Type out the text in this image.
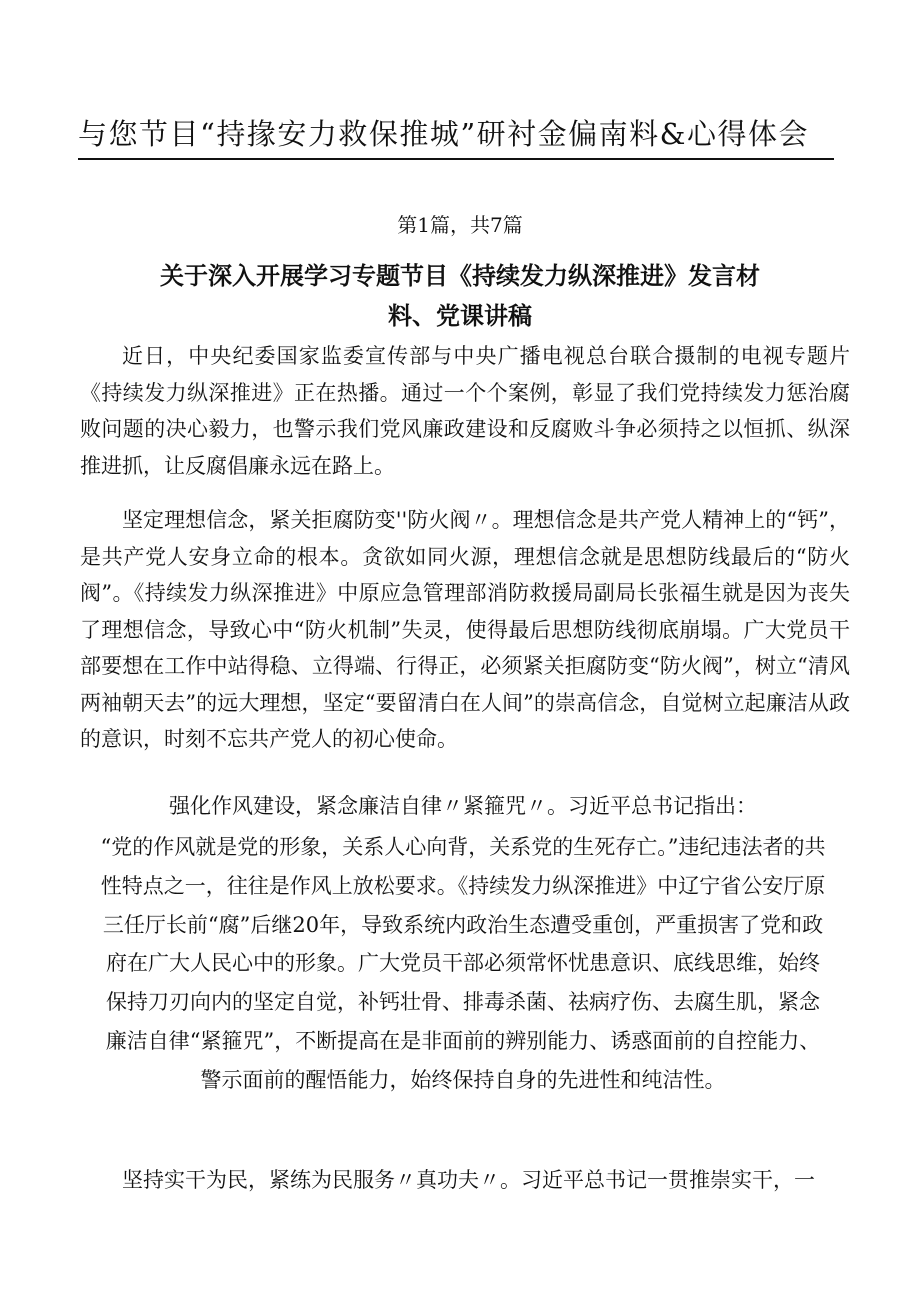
与您节目“持掾安力救保推城”研衬金偏南料&心得体会
第1篇，共7篇
关于深入开展学习专题节目《持续发力纵深推进》发言材料、党课讲稿

近日，中央纪委国家监委宣传部与中央广播电视总台联合摄制的电视专题片《持续发力纵深推进》正在热播。通过一个个案例，彰显了我们党持续发力惩治腐败问题的决心毅力，也警示我们党风廉政建设和反腐败斗争必须持之以恒抓、纵深推进抓，让反腐倡廉永远在路上。

坚定理想信念，紧关拒腐防变''防火阀〃。理想信念是共产党人精神上的“钙”，是共产党人安身立命的根本。贪欲如同火源，理想信念就是思想防线最后的“防火阀”。《持续发力纵深推进》中原应急管理部消防救援局副局长张福生就是因为丧失了理想信念，导致心中“防火机制”失灵，使得最后思想防线彻底崩塌。广大党员干部要想在工作中站得稳、立得端、行得正，必须紧关拒腐防变“防火阀”，树立“清风两袖朝天去”的远大理想，坚定“要留清白在人间”的崇高信念，自觉树立起廉洁从政的意识，时刻不忘共产党人的初心使命。

强化作风建设，紧念廉洁自律〃紧箍咒〃。习近平总书记指出：

“党的作风就是党的形象，关系人心向背，关系党的生死存亡。”违纪违法者的共性特点之一，往往是作风上放松要求。《持续发力纵深推进》中辽宁省公安厅原三任厅长前“腐”后继20年，导致系统内政治生态遭受重创，严重损害了党和政府在广大人民心中的形象。广大党员干部必须常怀忧患意识、底线思维，始终保持刀刃向内的坚定自觉，补钙壮骨、排毒杀菌、祛病疗伤、去腐生肌，紧念廉洁自律“紧箍咒”，不断提高在是非面前的辨别能力、诱惑面前的自控能力、警示面前的醒悟能力，始终保持自身的先进性和纯洁性。

坚持实干为民，紧练为民服务〃真功夫〃。习近平总书记一贯推崇实干，一
